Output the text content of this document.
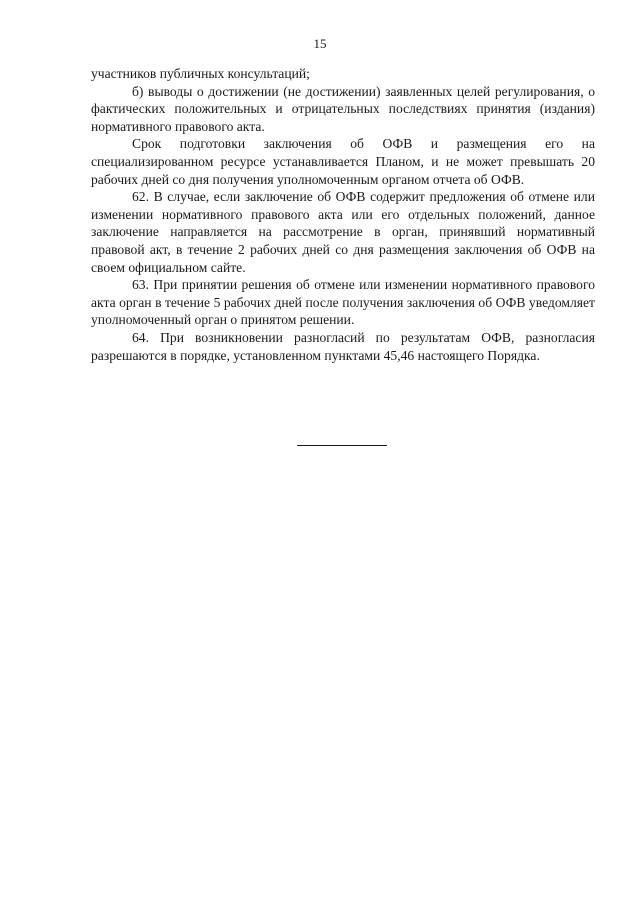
15

участников публичных консультаций;

б) выводы о достижении (не достижении) заявленных целей регулирования, о фактических положительных и отрицательных последствиях принятия (издания) нормативного правового акта.

Срок подготовки заключения об ОФВ и размещения его на специализированном ресурсе устанавливается Планом, и не может превышать 20 рабочих дней со дня получения уполномоченным органом отчета об ОФВ.

62. В случае, если заключение об ОФВ содержит предложения об отмене или изменении нормативного правового акта или его отдельных положений, данное заключение направляется на рассмотрение в орган, принявший нормативный правовой акт, в течение 2 рабочих дней со дня размещения заключения об ОФВ на своем официальном сайте.

63. При принятии решения об отмене или изменении нормативного правового акта орган в течение 5 рабочих дней после получения заключения об ОФВ уведомляет уполномоченный орган о принятом решении.

64. При возникновении разногласий по результатам ОФВ, разногласия разрешаются в порядке, установленном пунктами 45,46 настоящего Порядка.
